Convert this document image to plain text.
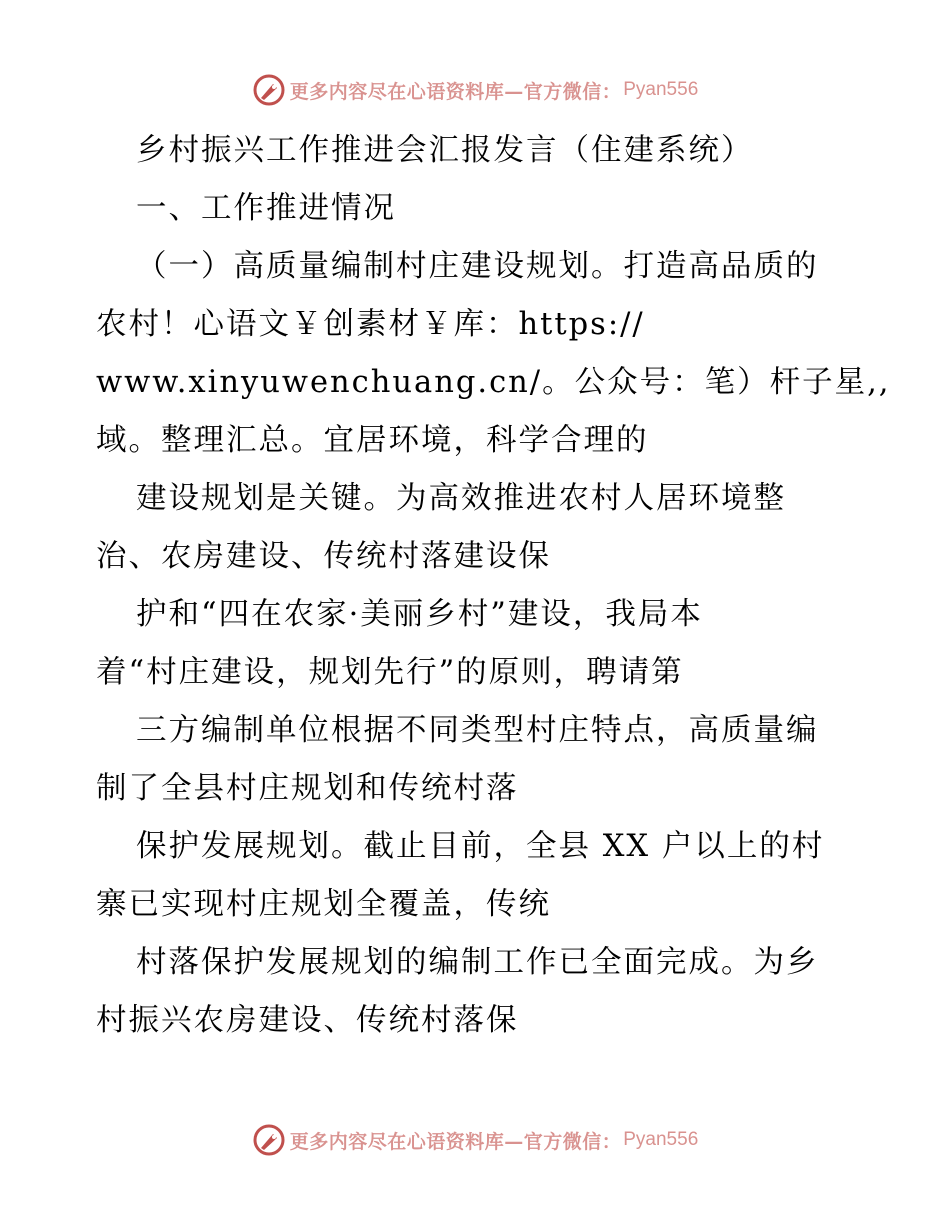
更多内容尽在心语资料库—官方微信： Pyan556
乡村振兴工作推进会汇报发言（住建系统）
一、工作推进情况
（一）高质量编制村庄建设规划。打造高品质的
农村！心语文￥创素材￥库：https://
www.xinyuwenchuang.cn/。公众号：笔）杆子星,,
域。整理汇总。宜居环境，科学合理的
建设规划是关键。为高效推进农村人居环境整
治、农房建设、传统村落建设保
护和“四在农家·美丽乡村”建设，我局本
着“村庄建设，规划先行”的原则，聘请第
三方编制单位根据不同类型村庄特点，高质量编
制了全县村庄规划和传统村落
保护发展规划。截止目前，全县 XX 户以上的村
寨已实现村庄规划全覆盖，传统
村落保护发展规划的编制工作已全面完成。为乡
村振兴农房建设、传统村落保
更多内容尽在心语资料库—官方微信： Pyan556
